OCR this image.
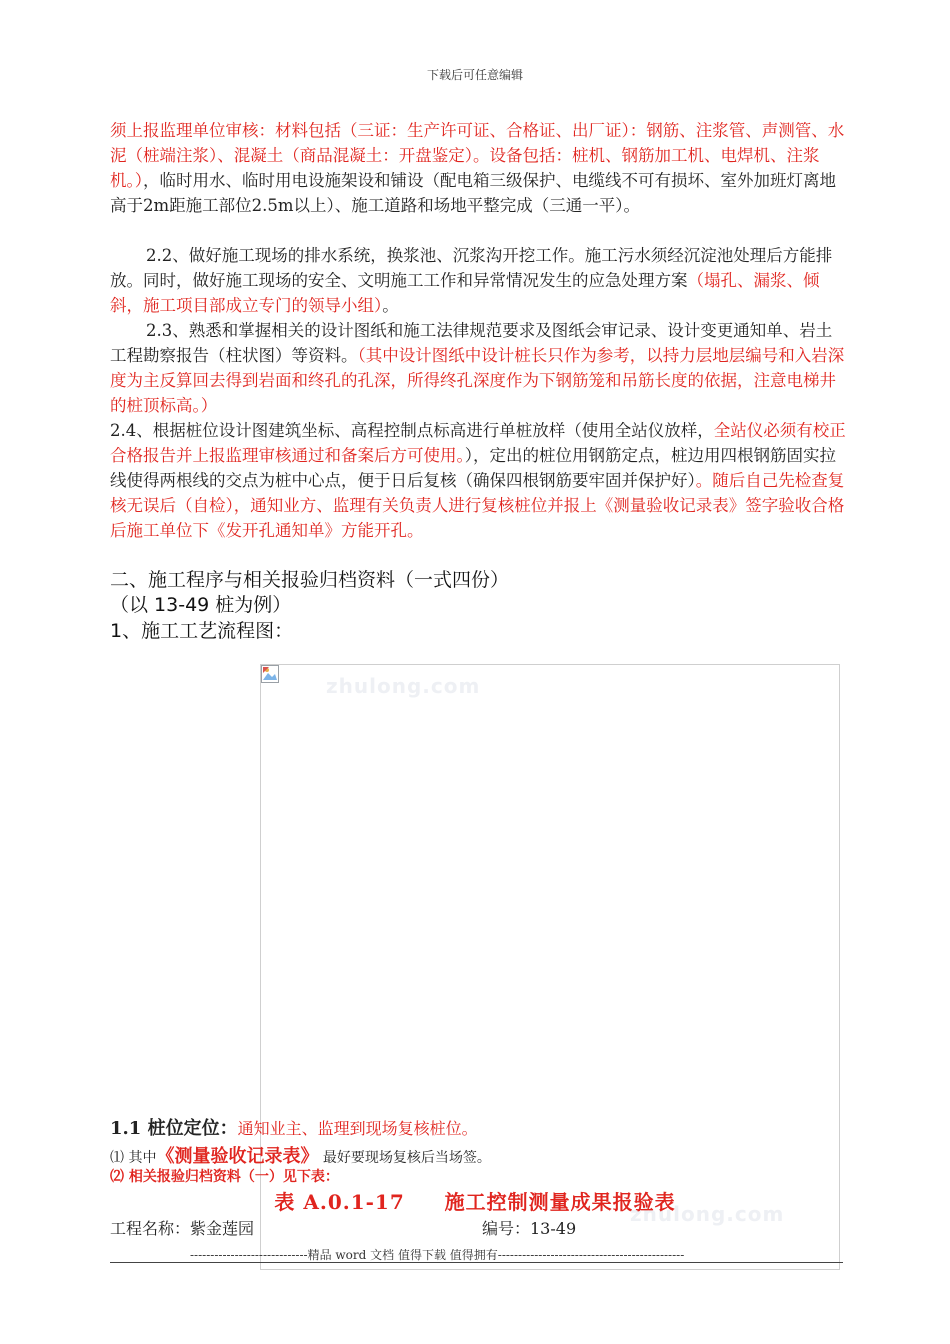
下载后可任意编辑
须上报监理单位审核：材料包括（三证：生产许可证、合格证、出厂证）：钢筋、注浆管、声测管、水泥（桩端注浆）、混凝土（商品混凝土：开盘鉴定）。设备包括：桩机、钢筋加工机、电焊机、注浆机。），临时用水、临时用电设施架设和铺设（配电箱三级保护、电缆线不可有损坏、室外加班灯离地高于2m距施工部位2.5m以上）、施工道路和场地平整完成（三通一平）。
2.2、做好施工现场的排水系统，换浆池、沉浆沟开挖工作。施工污水须经沉淀池处理后方能排放。同时，做好施工现场的安全、文明施工工作和异常情况发生的应急处理方案（塌孔、漏浆、倾斜，施工项目部成立专门的领导小组）。
2.3、熟悉和掌握相关的设计图纸和施工法律规范要求及图纸会审记录、设计变更通知单、岩土工程勘察报告（柱状图）等资料。（其中设计图纸中设计桩长只作为参考，以持力层地层编号和入岩深度为主反算回去得到岩面和终孔的孔深，所得终孔深度作为下钢筋笼和吊筋长度的依据，注意电梯井的桩顶标高。）
2.4、根据桩位设计图建筑坐标、高程控制点标高进行单桩放样（使用全站仪放样，全站仪必须有校正合格报告并上报监理审核通过和备案后方可使用。），定出的桩位用钢筋定点，桩边用四根钢筋固实拉线使得两根线的交点为桩中心点，便于日后复核（确保四根钢筋要牢固并保护好）。随后自己先检查复核无误后（自检），通知业方、监理有关负责人进行复核桩位并报上《测量验收记录表》签字验收合格后施工单位下《发开孔通知单》方能开孔。
二、施工程序与相关报验归档资料（一式四份）
（以 13-49 桩为例）
1、施工工艺流程图：
zhulong.com
zhulong.com
1.1 桩位定位：通知业主、监理到现场复核桩位。
⑴ 其中《测量验收记录表》 最好要现场复核后当场签。
⑵ 相关报验归档资料（一）见下表：
表 A.0.1-17 施工控制测量成果报验表
工程名称：紫金莲园	编号：13-49
-----------------------------精品 word 文档 值得下载 值得拥有----------------------------------------------
